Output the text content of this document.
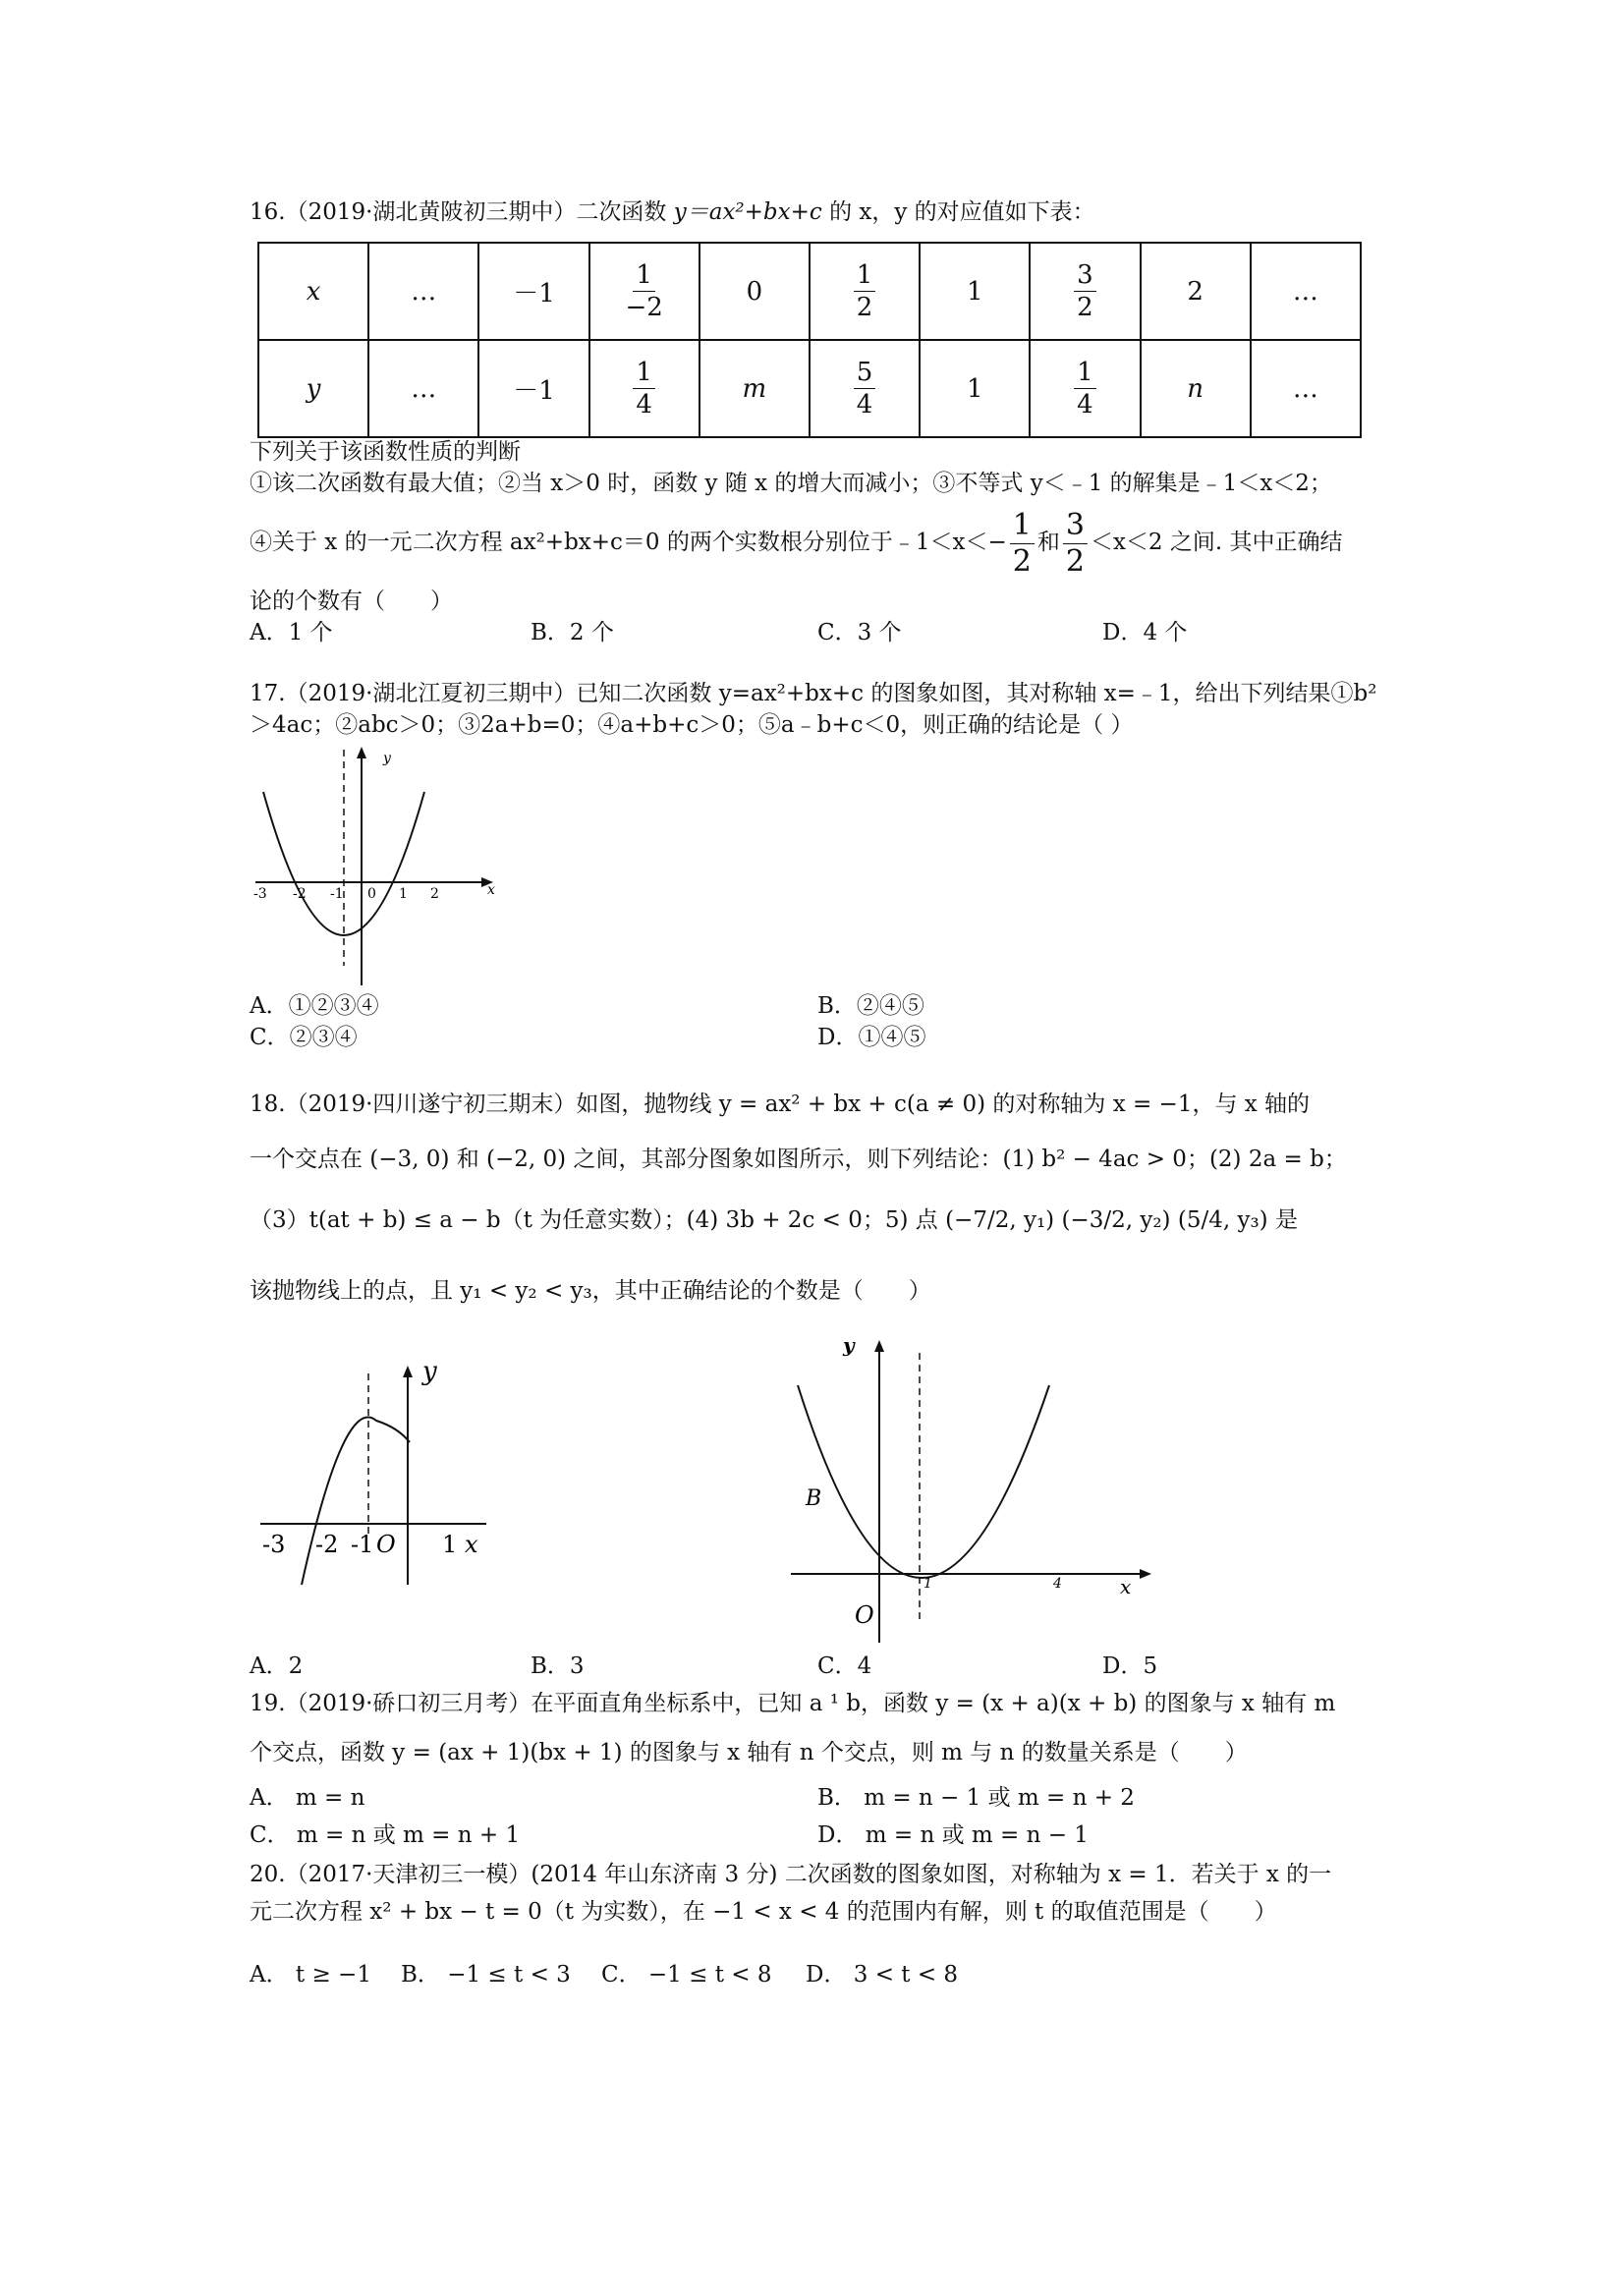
16.（2019·湖北黄陂初三期中）二次函数 y＝ax²+bx+c 的 x，y 的对应值如下表：
x	…	－1	$\frac{1}{-2}$	0	$\frac{1}{2}$	1	$\frac{3}{2}$	2	…
y	…	－1	$\frac{1}{4}$	m	$\frac{5}{4}$	1	$\frac{1}{4}$	n	…
下列关于该函数性质的判断
①该二次函数有最大值；②当 x＞0 时，函数 y 随 x 的增大而减小；③不等式 y＜﹣1 的解集是﹣1＜x＜2；
④关于 x 的一元二次方程 ax²+bx+c＝0 的两个实数根分别位于﹣1＜x＜− $\frac{1}{2}$ 和 $\frac{3}{2} <x<2$ 之间. 其中正确结
论的个数有（　　）
A．1 个	B．2 个	C．3 个	D．4 个
17.（2019·湖北江夏初三期中）已知二次函数 y=ax²+bx+c 的图象如图，其对称轴 x=﹣1，给出下列结果①b²
＞4ac；②abc＞0；③2a+b=0；④a+b+c＞0；⑤a﹣b+c＜0，则正确的结论是（ ）
x
y
-3 -2 -1 0 1 2
A．①②③④	B．②④⑤
C．②③④	D．①④⑤
18.（2019·四川遂宁初三期末）如图，抛物线 y = ax² + bx + c(a ≠ 0) 的对称轴为 x = −1，与 x 轴的
一个交点在 (−3, 0) 和 (−2, 0) 之间，其部分图象如图所示，则下列结论：(1) b² − 4ac > 0；(2) 2a = b；
（3）t(at + b) ≤ a − b（t 为任意实数）；(4) 3b + 2c < 0；5) 点 (−7/2, y₁) (−3/2, y₂) (5/4, y₃) 是
该抛物线上的点，且 y₁ < y₂ < y₃，其中正确结论的个数是（　　）
y
-3 -2 -1 O 1 x
x
y
B
O
1	4
A．2	B．3	C．4	D．5
19.（2019·硚口初三月考）在平面直角坐标系中，已知 a ¹ b，函数 y = (x + a)(x + b) 的图象与 x 轴有 m
个交点，函数 y = (ax + 1)(bx + 1) 的图象与 x 轴有 n 个交点，则 m 与 n 的数量关系是（　　）
A． m = n	B． m = n − 1 或 m = n + 2
C． m = n 或 m = n + 1	D． m = n 或 m = n − 1
20.（2017·天津初三一模）(2014 年山东济南 3 分) 二次函数的图象如图，对称轴为 x = 1．若关于 x 的一
元二次方程 x² + bx − t = 0（t 为实数），在 −1 < x < 4 的范围内有解，则 t 的取值范围是（　　）
A． t ≥ −1 B． −1 ≤ t < 3 C． −1 ≤ t < 8 D． 3 < t < 8
